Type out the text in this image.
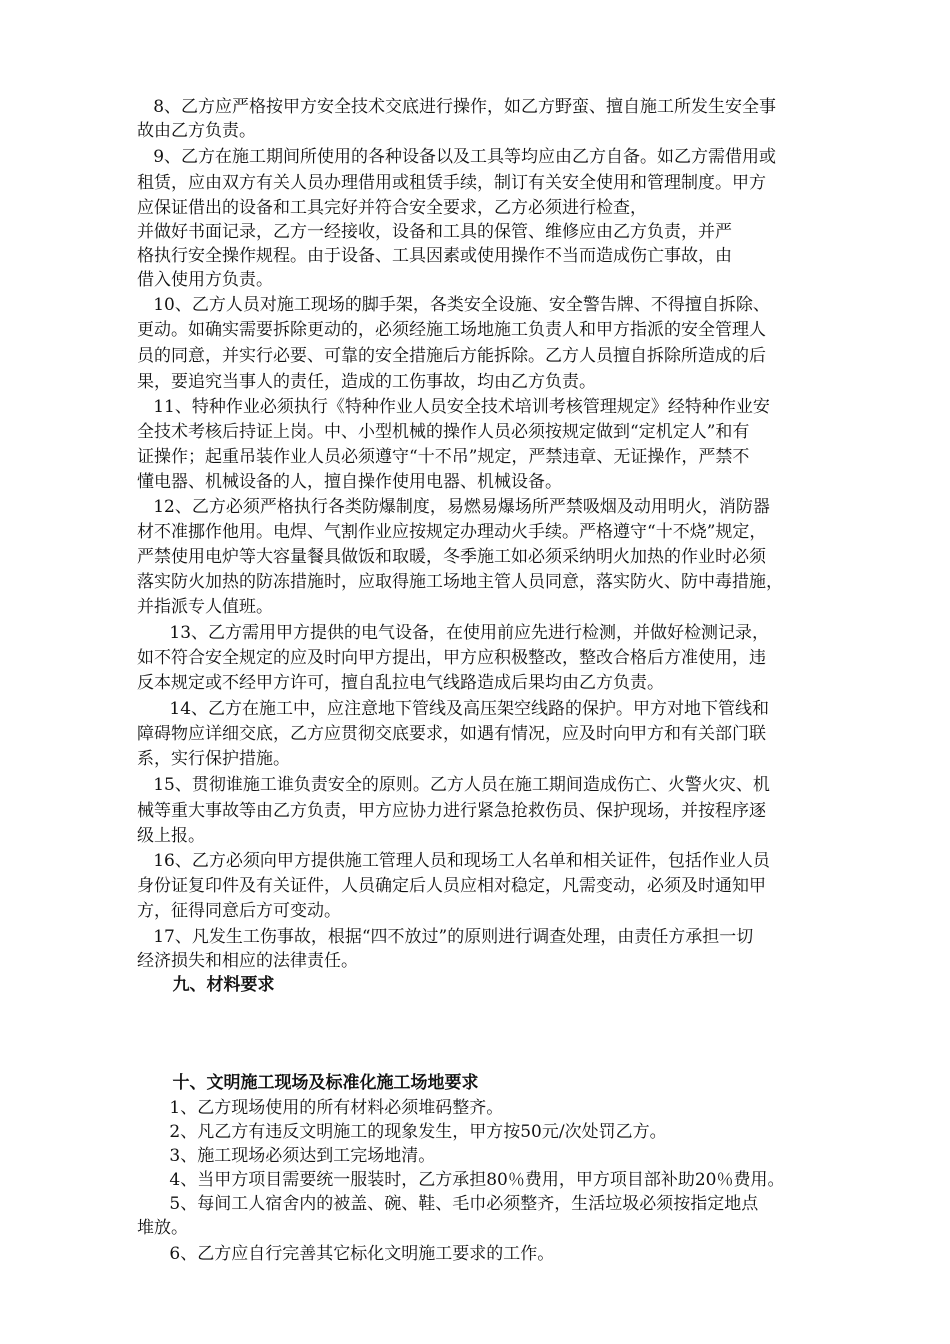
8、乙方应严格按甲方安全技术交底进行操作，如乙方野蛮、擅自施工所发生安全事
故由乙方负责。
9、乙方在施工期间所使用的各种设备以及工具等均应由乙方自备。如乙方需借用或
租赁，应由双方有关人员办理借用或租赁手续，制订有关安全使用和管理制度。甲方
应保证借出的设备和工具完好并符合安全要求，乙方必须进行检查，
并做好书面记录，乙方一经接收，设备和工具的保管、维修应由乙方负责，并严
格执行安全操作规程。由于设备、工具因素或使用操作不当而造成伤亡事故，由
借入使用方负责。
10、乙方人员对施工现场的脚手架，各类安全设施、安全警告牌、不得擅自拆除、
更动。如确实需要拆除更动的，必须经施工场地施工负责人和甲方指派的安全管理人
员的同意，并实行必要、可靠的安全措施后方能拆除。乙方人员擅自拆除所造成的后
果，要追究当事人的责任，造成的工伤事故，均由乙方负责。
11、特种作业必须执行《特种作业人员安全技术培训考核管理规定》经特种作业安
全技术考核后持证上岗。中、小型机械的操作人员必须按规定做到“定机定人”和有
证操作；起重吊装作业人员必须遵守“十不吊”规定，严禁违章、无证操作，严禁不
懂电器、机械设备的人，擅自操作使用电器、机械设备。
12、乙方必须严格执行各类防爆制度，易燃易爆场所严禁吸烟及动用明火，消防器
材不准挪作他用。电焊、气割作业应按规定办理动火手续。严格遵守“十不烧”规定，
严禁使用电炉等大容量餐具做饭和取暖，冬季施工如必须采纳明火加热的作业时必须
落实防火加热的防冻措施时，应取得施工场地主管人员同意，落实防火、防中毒措施，
并指派专人值班。
13、乙方需用甲方提供的电气设备，在使用前应先进行检测，并做好检测记录，
如不符合安全规定的应及时向甲方提出，甲方应积极整改，整改合格后方准使用，违
反本规定或不经甲方许可，擅自乱拉电气线路造成后果均由乙方负责。
14、乙方在施工中，应注意地下管线及高压架空线路的保护。甲方对地下管线和
障碍物应详细交底，乙方应贯彻交底要求，如遇有情况，应及时向甲方和有关部门联
系，实行保护措施。
15、贯彻谁施工谁负责安全的原则。乙方人员在施工期间造成伤亡、火警火灾、机
械等重大事故等由乙方负责，甲方应协力进行紧急抢救伤员、保护现场，并按程序逐
级上报。
16、乙方必须向甲方提供施工管理人员和现场工人名单和相关证件，包括作业人员
身份证复印件及有关证件，人员确定后人员应相对稳定，凡需变动，必须及时通知甲
方，征得同意后方可变动。
17、凡发生工伤事故，根据“四不放过”的原则进行调查处理，由责任方承担一切
经济损失和相应的法律责任。
九、材料要求
十、文明施工现场及标准化施工场地要求
1、乙方现场使用的所有材料必须堆码整齐。
2、凡乙方有违反文明施工的现象发生，甲方按50元/次处罚乙方。
3、施工现场必须达到工完场地清。
4、当甲方项目需要统一服装时，乙方承担80％费用，甲方项目部补助20％费用。
5、每间工人宿舍内的被盖、碗、鞋、毛巾必须整齐，生活垃圾必须按指定地点
堆放。
6、乙方应自行完善其它标化文明施工要求的工作。
